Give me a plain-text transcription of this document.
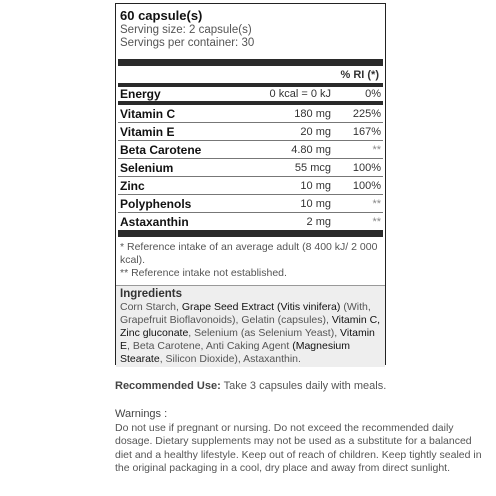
60 capsule(s)
Serving size: 2 capsule(s)
Servings per container: 30
% RI (*)
Energy	0 kcal = 0 kJ	0%
Vitamin C	180 mg	225%
Vitamin E	20 mg	167%
Beta Carotene	4.80 mg	**
Selenium	55 mcg	100%
Zinc	10 mg	100%
Polyphenols	10 mg	**
Astaxanthin	2 mg	**
* Reference intake of an average adult (8 400 kJ/ 2 000 kcal).
** Reference intake not established.
Ingredients
Corn Starch, Grape Seed Extract (Vitis vinifera) (With, Grapefruit Bioflavonoids), Gelatin (capsules), Vitamin C, Zinc gluconate, Selenium (as Selenium Yeast), Vitamin E, Beta Carotene, Anti Caking Agent (Magnesium Stearate, Silicon Dioxide), Astaxanthin.
Recommended Use: Take 3 capsules daily with meals.
Warnings :
Do not use if pregnant or nursing. Do not exceed the recommended daily dosage. Dietary supplements may not be used as a substitute for a balanced diet and a healthy lifestyle. Keep out of reach of children. Keep tightly sealed in the original packaging in a cool, dry place and away from direct sunlight.
